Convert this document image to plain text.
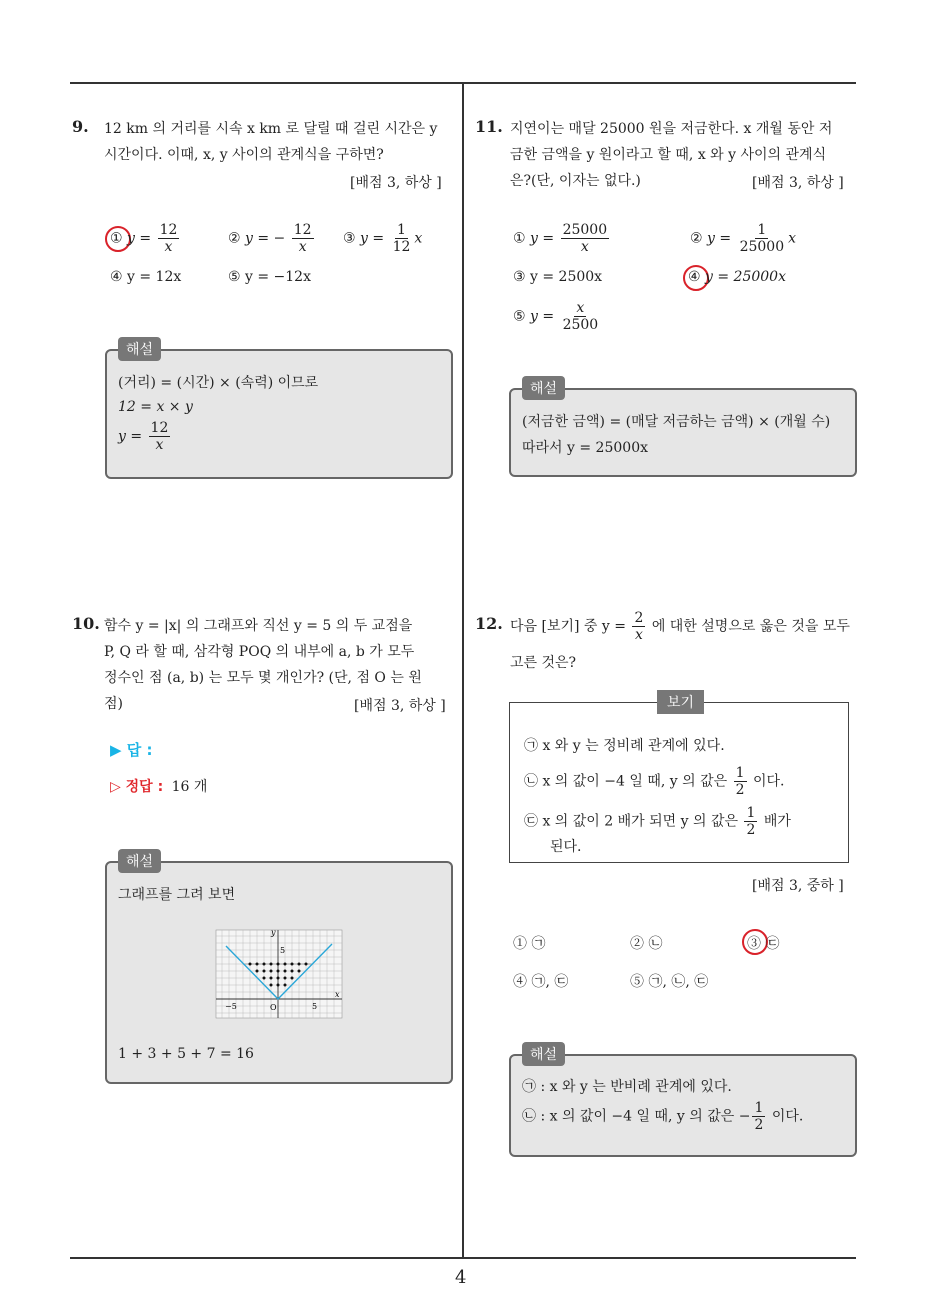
4
9. 12 km 의 거리를 시속 x km 로 달릴 때 걸린 시간은 y
시간이다. 이때, x, y 사이의 관계식을 구하면?
[배점 3, 하상 ]
① $y = \frac{12}{x}$	② y = − $\frac{12}{x}$ ③ $y = \frac{1}{12}$ x
④ y = 12x	⑤ y = −12x
해설
(거리) = (시간) × (속력) 이므로
12 = x × y
$y = \frac{12}{x}$
10. 함수 y = |x| 의 그래프와 직선 y = 5 의 두 교점을
P, Q 라 할 때, 삼각형 POQ 의 내부에 a, b 가 모두
정수인 점 (a, b) 는 모두 몇 개인가? (단, 점 O 는 원
점)	[배점 3, 하상 ]
▶ 답 :
▷ 정답 : 16 개
해설
그래프를 그려 보면
y
5
x
−5	O	5
1 + 3 + 5 + 7 = 16
11. 지연이는 매달 25000 원을 저금한다. x 개월 동안 저
금한 금액을 y 원이라고 할 때, x 와 y 사이의 관계식
은?(단, 이자는 없다.)	[배점 3, 하상 ]
① $y = \frac{25000}{x}$	② $y = \frac{1}{25000}$ x
③ y = 2500x	④ y = 25000x
⑤ $y = \frac{x}{2500}$
해설
(저금한 금액) = (매달 저금하는 금액) × (개월 수)
따라서 y = 25000x
12. 다음 [보기] 중 $y = \frac{2}{x}$ 에 대한 설명으로 옳은 것을 모두
고른 것은?
보기
㉠ x 와 y 는 정비례 관계에 있다.
㉡ x 의 값이 −4 일 때, y 의 값은 $\frac{1}{2}$ 이다.
㉢ x 의 값이 2 배가 되면 y 의 값은 $\frac{1}{2}$ 배가
된다.
[배점 3, 중하 ]
① ㉠	② ㉡	③ ㉢
④ ㉠, ㉢	⑤ ㉠, ㉡, ㉢
해설
㉠ : x 와 y 는 반비례 관계에 있다.
㉡ : x 의 값이 −4 일 때, y 의 값은 − $\frac{1}{2}$ 이다.
